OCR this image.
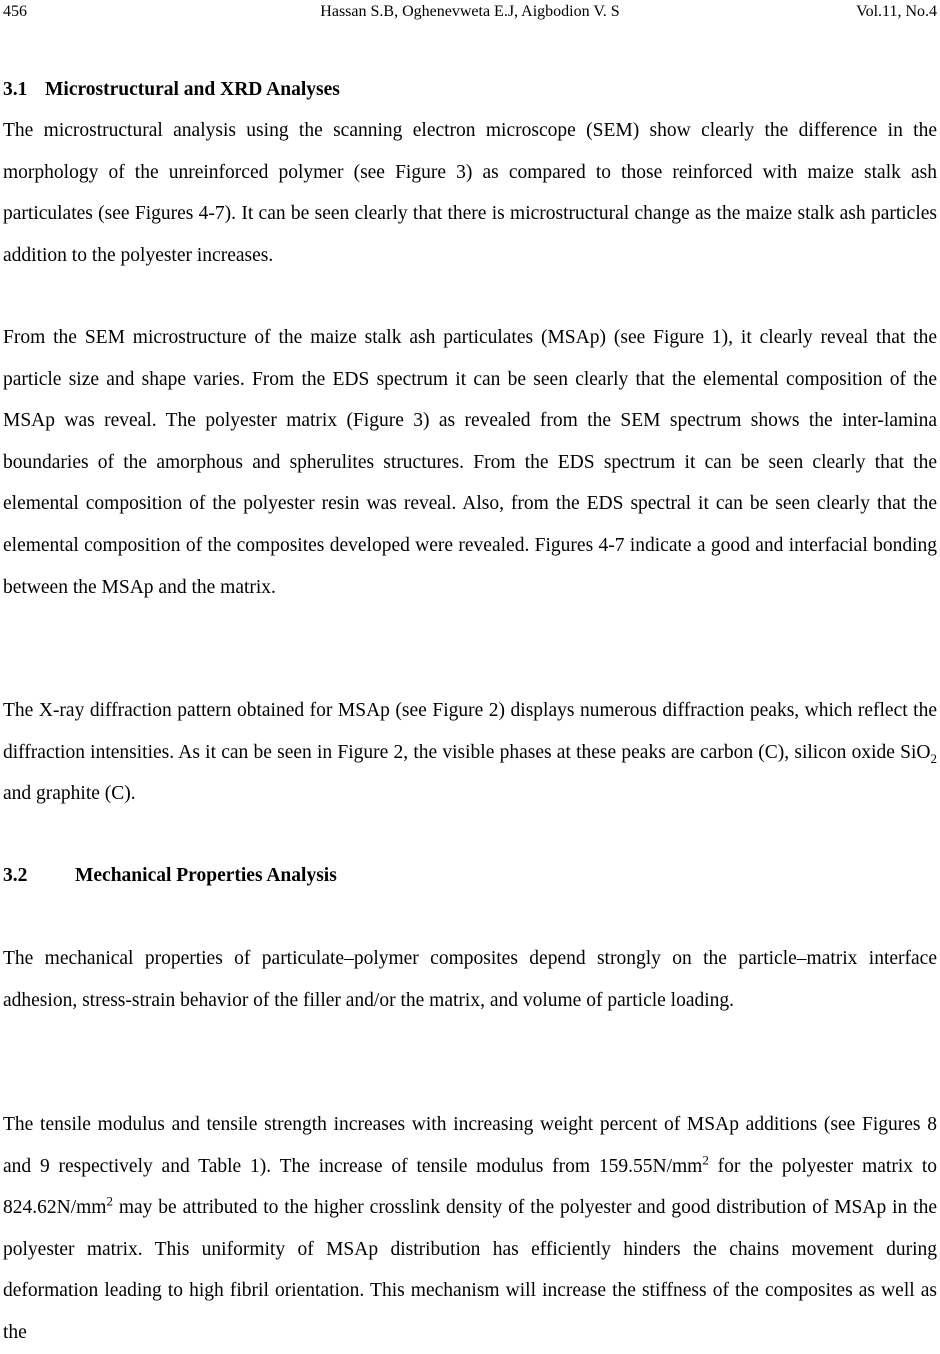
456	Hassan S.B, Oghenevweta E.J, Aigbodion V. S	Vol.11, No.4
3.1 Microstructural and XRD Analyses

The microstructural analysis using the scanning electron microscope (SEM) show clearly the difference in the morphology of the unreinforced polymer (see Figure 3) as compared to those reinforced with maize stalk ash particulates (see Figures 4-7). It can be seen clearly that there is microstructural change as the maize stalk ash particles addition to the polyester increases.

From the SEM microstructure of the maize stalk ash particulates (MSAp) (see Figure 1), it clearly reveal that the particle size and shape varies. From the EDS spectrum it can be seen clearly that the elemental composition of the MSAp was reveal. The polyester matrix (Figure 3) as revealed from the SEM spectrum shows the inter-lamina boundaries of the amorphous and spherulites structures. From the EDS spectrum it can be seen clearly that the elemental composition of the polyester resin was reveal. Also, from the EDS spectral it can be seen clearly that the elemental composition of the composites developed were revealed. Figures 4-7 indicate a good and interfacial bonding between the MSAp and the matrix.

The X-ray diffraction pattern obtained for MSAp (see Figure 2) displays numerous diffraction peaks, which reflect the diffraction intensities. As it can be seen in Figure 2, the visible phases at these peaks are carbon (C), silicon oxide SiO$_2$ and graphite (C).

3.2 Mechanical Properties Analysis

The mechanical properties of particulate–polymer composites depend strongly on the particle–matrix interface adhesion, stress-strain behavior of the filler and/or the matrix, and volume of particle loading.

The tensile modulus and tensile strength increases with increasing weight percent of MSAp additions (see Figures 8 and 9 respectively and Table 1). The increase of tensile modulus from $159.55N/mm^2$ for the polyester matrix to $824.62N/mm^2$ may be attributed to the higher crosslink density of the polyester and good distribution of MSAp in the polyester matrix. This uniformity of MSAp distribution has efficiently hinders the chains movement during deformation leading to high fibril orientation. This mechanism will increase the stiffness of the composites as well as the
